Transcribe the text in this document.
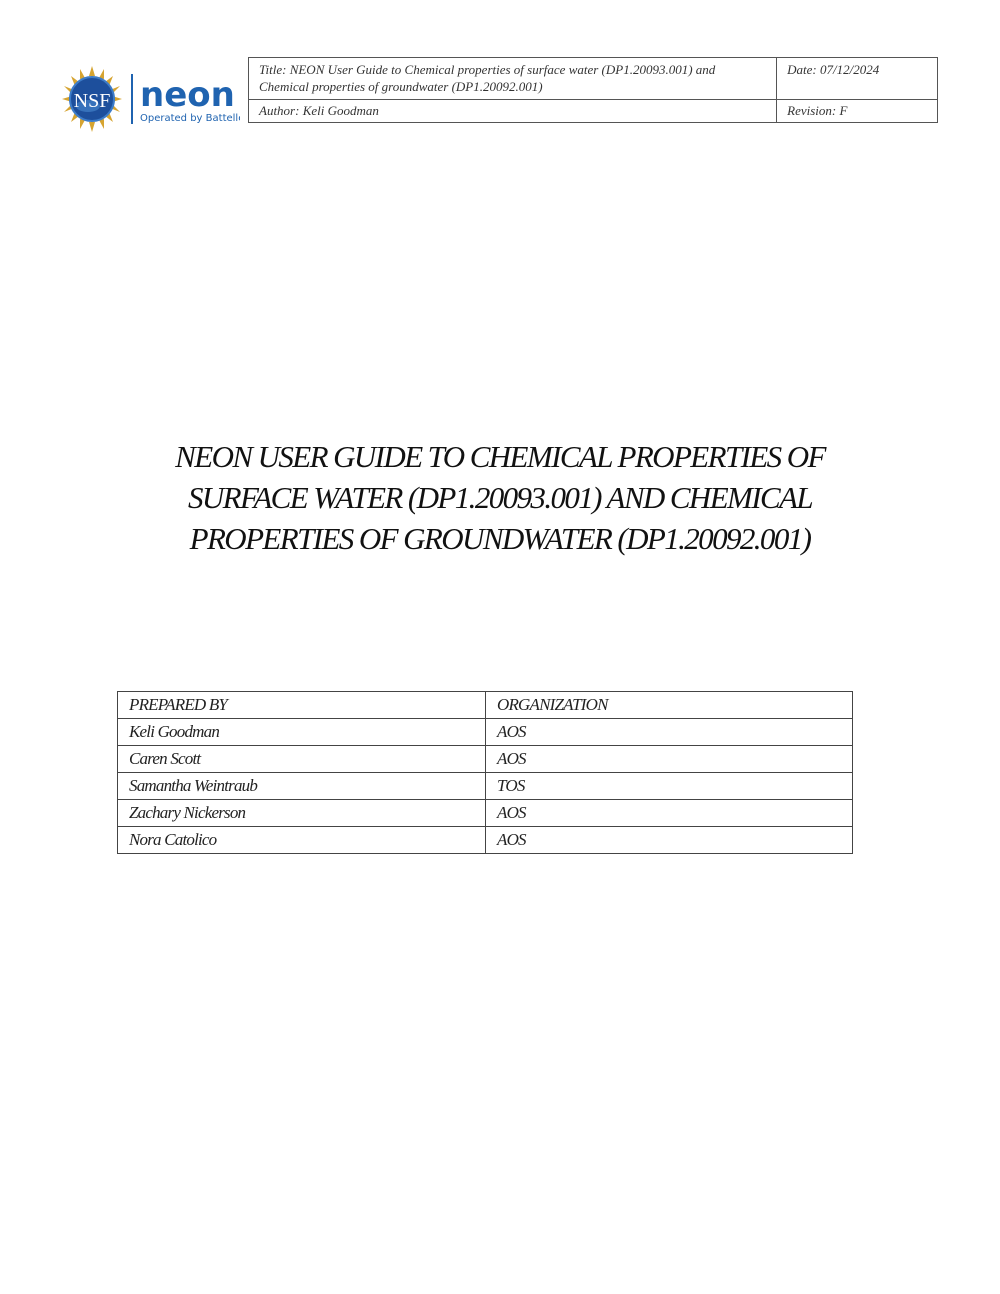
NSF neon
Operated by Battelle
Title: NEON User Guide to Chemical properties of surface water (DP1.20093.001) and Chemical properties of groundwater (DP1.20092.001)	Date: 07/12/2024
Author: Keli Goodman	Revision: F
NEON USER GUIDE TO CHEMICAL PROPERTIES OF
SURFACE WATER (DP1.20093.001) AND CHEMICAL
PROPERTIES OF GROUNDWATER (DP1.20092.001)
PREPARED BY	ORGANIZATION
Keli Goodman	AOS
Caren Scott	AOS
Samantha Weintraub	TOS
Zachary Nickerson	AOS
Nora Catolico	AOS
